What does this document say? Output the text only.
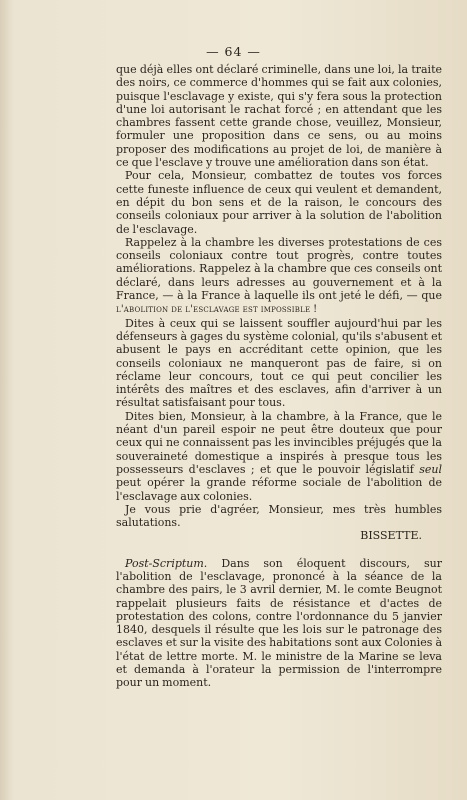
— 64 —

que déjà elles ont déclaré criminelle, dans une loi, la traite des noirs, ce commerce d'hommes qui se fait aux colonies, puisque l'esclavage y existe, qui s'y fera sous la protection d'une loi autorisant le rachat forcé ; en attendant que les chambres fassent cette grande chose, veuillez, Monsieur, formuler une proposition dans ce sens, ou au moins proposer des modifications au projet de loi, de manière à ce que l'esclave y trouve une amélioration dans son état.

Pour cela, Monsieur, combattez de toutes vos forces cette funeste influence de ceux qui veulent et demandent, en dépit du bon sens et de la raison, le concours des conseils coloniaux pour arriver à la solution de l'abolition de l'esclavage.

Rappelez à la chambre les diverses protestations de ces conseils coloniaux contre tout progrès, contre toutes améliorations. Rappelez à la chambre que ces conseils ont déclaré, dans leurs adresses au gouvernement et à la France, — à la France à laquelle ils ont jeté le défi, — que l'abolition de l'esclavage est impossible !

Dites à ceux qui se laissent souffler aujourd'hui par les défenseurs à gages du système colonial, qu'ils s'abusent et abusent le pays en accréditant cette opinion, que les conseils coloniaux ne manqueront pas de faire, si on réclame leur concours, tout ce qui peut concilier les intérêts des maîtres et des esclaves, afin d'arriver à un résultat satisfaisant pour tous.

Dites bien, Monsieur, à la chambre, à la France, que le néant d'un pareil espoir ne peut être douteux que pour ceux qui ne connaissent pas les invincibles préjugés que la souveraineté domestique a inspirés à presque tous les possesseurs d'esclaves ; et que le pouvoir législatif seul peut opérer la grande réforme sociale de l'abolition de l'esclavage aux colonies.

Je vous prie d'agréer, Monsieur, mes très humbles salutations.

BISSETTE.

Post-Scriptum. Dans son éloquent discours, sur l'abolition de l'esclavage, prononcé à la séance de la chambre des pairs, le 3 avril dernier, M. le comte Beugnot rappelait plusieurs faits de résistance et d'actes de protestation des colons, contre l'ordonnance du 5 janvier 1840, desquels il résulte que les lois sur le patronage des esclaves et sur la visite des habitations sont aux Colonies à l'état de lettre morte. M. le ministre de la Marine se leva et demanda à l'orateur la permission de l'interrompre pour un moment.
